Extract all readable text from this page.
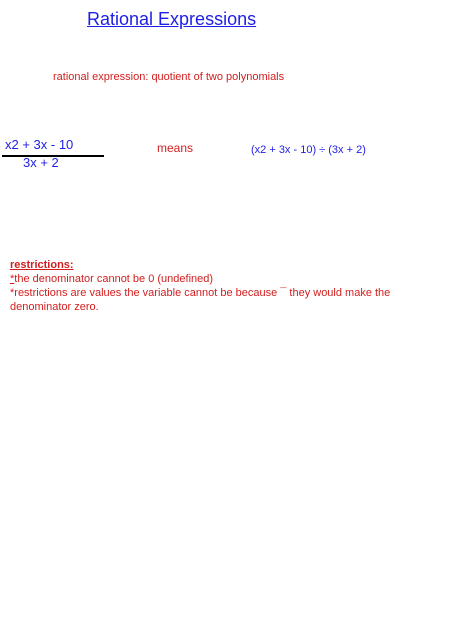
Rational Expressions
rational expression: quotient of two polynomials
x2 + 3x - 10
3x + 2
means	(x2 + 3x - 10) ÷ (3x + 2)
restrictions:
*the denominator cannot be 0 (undefined)
*restrictions are values the variable cannot be because ¯ they would make the denominator zero.
